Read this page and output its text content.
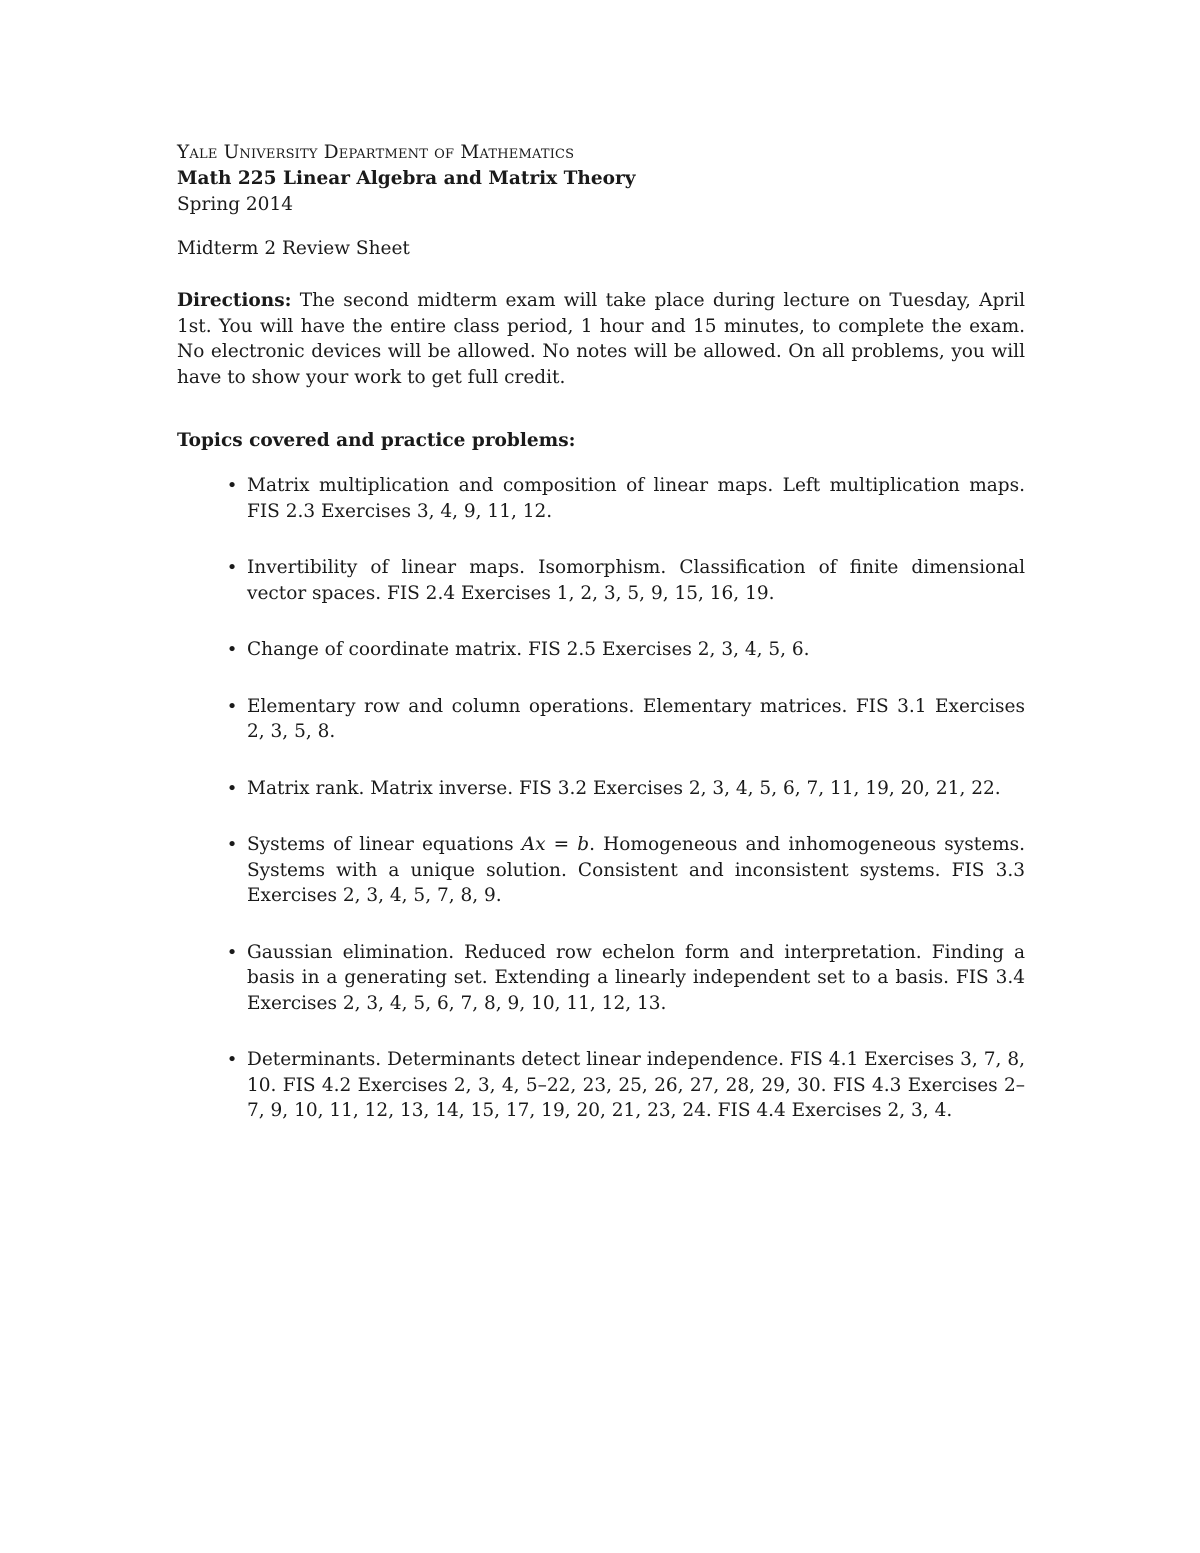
Yale University Department of Mathematics
Math 225 Linear Algebra and Matrix Theory
Spring 2014
Midterm 2 Review Sheet
Directions: The second midterm exam will take place during lecture on Tuesday, April 1st. You will have the entire class period, 1 hour and 15 minutes, to complete the exam. No electronic devices will be allowed. No notes will be allowed. On all problems, you will have to show your work to get full credit.
Topics covered and practice problems:
• Matrix multiplication and composition of linear maps. Left multiplication maps. FIS 2.3 Exercises 3, 4, 9, 11, 12.
• Invertibility of linear maps. Isomorphism. Classification of finite dimensional vector spaces. FIS 2.4 Exercises 1, 2, 3, 5, 9, 15, 16, 19.
• Change of coordinate matrix. FIS 2.5 Exercises 2, 3, 4, 5, 6.
• Elementary row and column operations. Elementary matrices. FIS 3.1 Exercises 2, 3, 5, 8.
• Matrix rank. Matrix inverse. FIS 3.2 Exercises 2, 3, 4, 5, 6, 7, 11, 19, 20, 21, 22.
• Systems of linear equations Ax = b. Homogeneous and inhomogeneous systems. Systems with a unique solution. Consistent and inconsistent systems. FIS 3.3 Exercises 2, 3, 4, 5, 7, 8, 9.
• Gaussian elimination. Reduced row echelon form and interpretation. Finding a basis in a generating set. Extending a linearly independent set to a basis. FIS 3.4 Exercises 2, 3, 4, 5, 6, 7, 8, 9, 10, 11, 12, 13.
• Determinants. Determinants detect linear independence. FIS 4.1 Exercises 3, 7, 8, 10. FIS 4.2 Exercises 2, 3, 4, 5–22, 23, 25, 26, 27, 28, 29, 30. FIS 4.3 Exercises 2–7, 9, 10, 11, 12, 13, 14, 15, 17, 19, 20, 21, 23, 24. FIS 4.4 Exercises 2, 3, 4.
